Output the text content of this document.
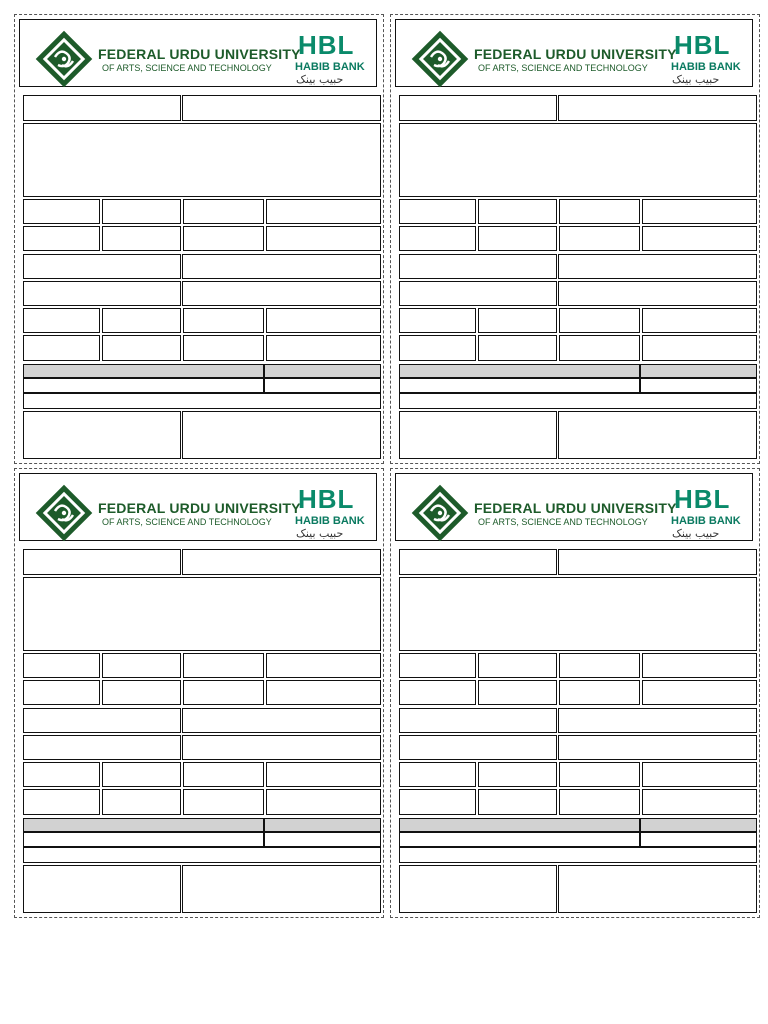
FEDERAL URDU UNIVERSITY
OF ARTS, SCIENCE AND TECHNOLOGY
HBL
HABIB BANK
حبیب بینک
FEDERAL URDU UNIVERSITY
OF ARTS, SCIENCE AND TECHNOLOGY
HBL
HABIB BANK
حبیب بینک
FEDERAL URDU UNIVERSITY
OF ARTS, SCIENCE AND TECHNOLOGY
HBL
HABIB BANK
حبیب بینک
FEDERAL URDU UNIVERSITY
OF ARTS, SCIENCE AND TECHNOLOGY
HBL
HABIB BANK
حبیب بینک
